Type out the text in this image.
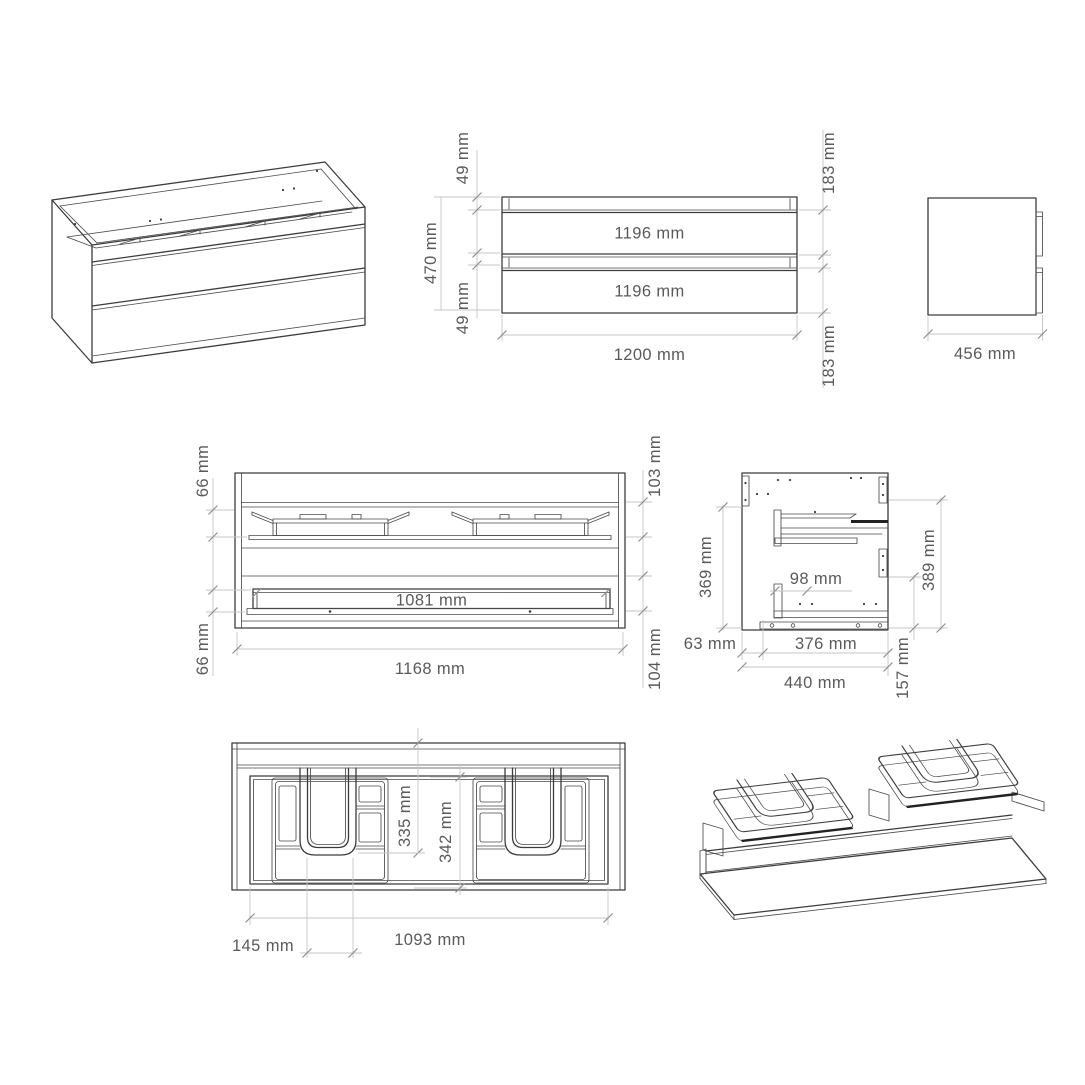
1196 mm
1196 mm
1200 mm
49 mm
470 mm
49 mm
183 mm
183 mm	456 mm
1081 mm
1168 mm
66 mm
66 mm
103 mm
104 mm
369 mm	98 mm
63 mm	376 mm
440 mm
389 mm
157 mm
335 mm 342 mm
1093 mm
145 mm
